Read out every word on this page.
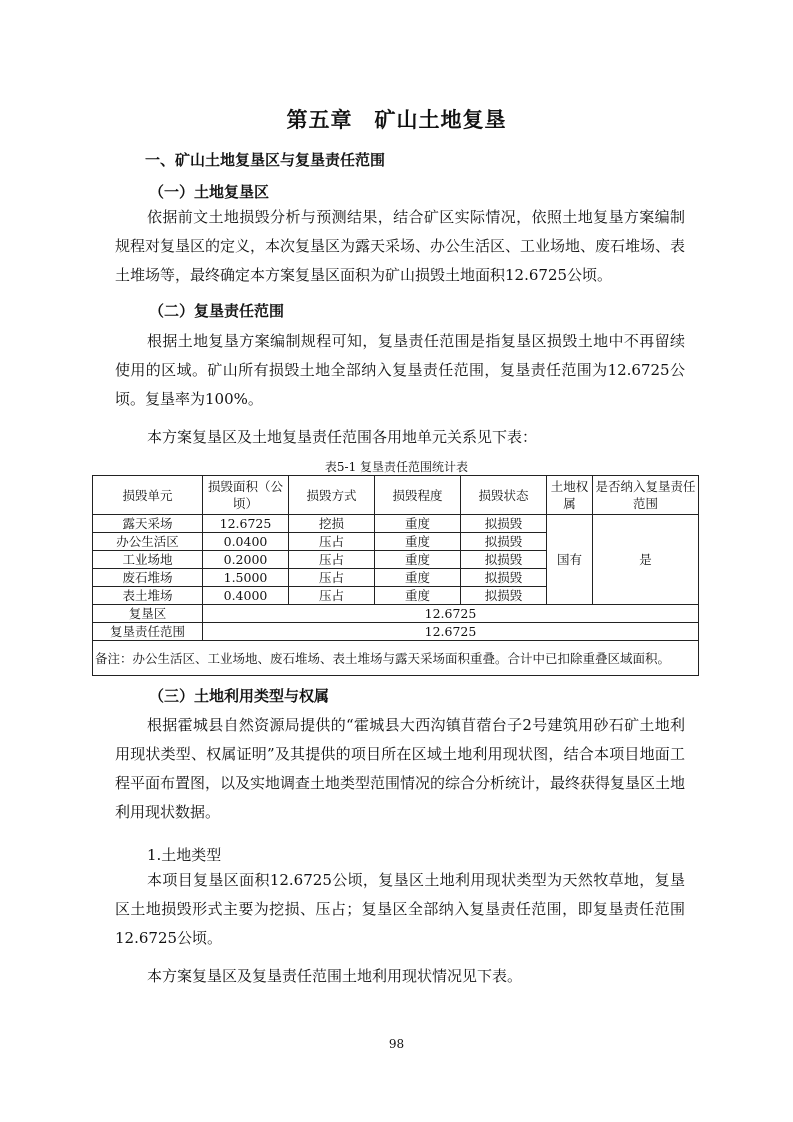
第五章　矿山土地复垦
一、矿山土地复垦区与复垦责任范围
（一）土地复垦区
依据前文土地损毁分析与预测结果，结合矿区实际情况，依照土地复垦方案编制规程对复垦区的定义，本次复垦区为露天采场、办公生活区、工业场地、废石堆场、表土堆场等，最终确定本方案复垦区面积为矿山损毁土地面积12.6725公顷。
（二）复垦责任范围
根据土地复垦方案编制规程可知，复垦责任范围是指复垦区损毁土地中不再留续使用的区域。矿山所有损毁土地全部纳入复垦责任范围，复垦责任范围为12.6725公顷。复垦率为100%。
本方案复垦区及土地复垦责任范围各用地单元关系见下表：
表5-1 复垦责任范围统计表
损毁单元	损毁面积（公顷）	损毁方式	损毁程度	损毁状态	土地权属	是否纳入复垦责任范围
露天采场	12.6725	挖损	重度	拟损毁	国有	是
办公生活区	0.0400	压占	重度	拟损毁		
工业场地	0.2000	压占	重度	拟损毁		
废石堆场	1.5000	压占	重度	拟损毁		
表土堆场	0.4000	压占	重度	拟损毁		
复垦区	12.6725					
复垦责任范围	12.6725					
备注：办公生活区、工业场地、废石堆场、表土堆场与露天采场面积重叠。合计中已扣除重叠区域面积。						
（三）土地利用类型与权属
根据霍城县自然资源局提供的“霍城县大西沟镇苜蓿台子2号建筑用砂石矿土地利用现状类型、权属证明”及其提供的项目所在区域土地利用现状图，结合本项目地面工程平面布置图，以及实地调查土地类型范围情况的综合分析统计，最终获得复垦区土地利用现状数据。
1.土地类型
本项目复垦区面积12.6725公顷，复垦区土地利用现状类型为天然牧草地，复垦区土地损毁形式主要为挖损、压占；复垦区全部纳入复垦责任范围，即复垦责任范围12.6725公顷。
本方案复垦区及复垦责任范围土地利用现状情况见下表。
98
